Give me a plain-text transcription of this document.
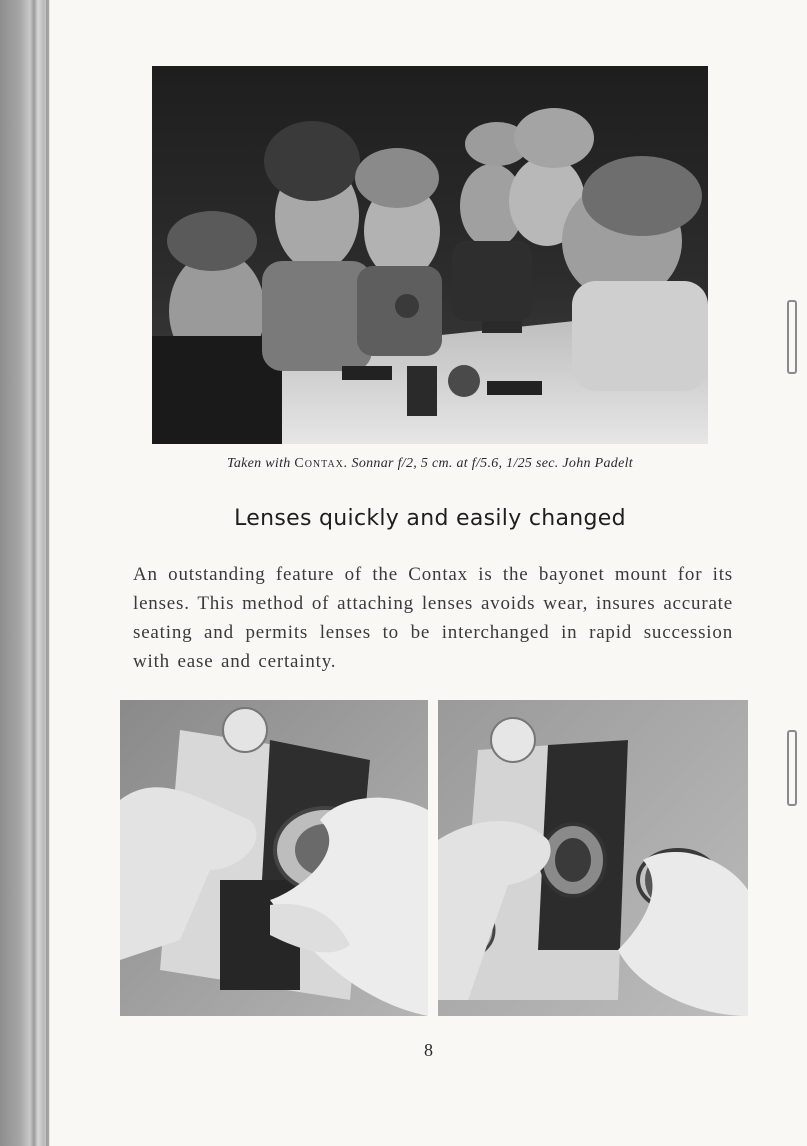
Taken with Contax. Sonnar f/2, 5 cm. at f/5.6, 1/25 sec. John Padelt
Lenses quickly and easily changed
An outstanding feature of the Contax is the bayonet mount for its lenses. This method of attaching lenses avoids wear, insures accurate seating and permits lenses to be interchanged in rapid succession with ease and certainty.
8
